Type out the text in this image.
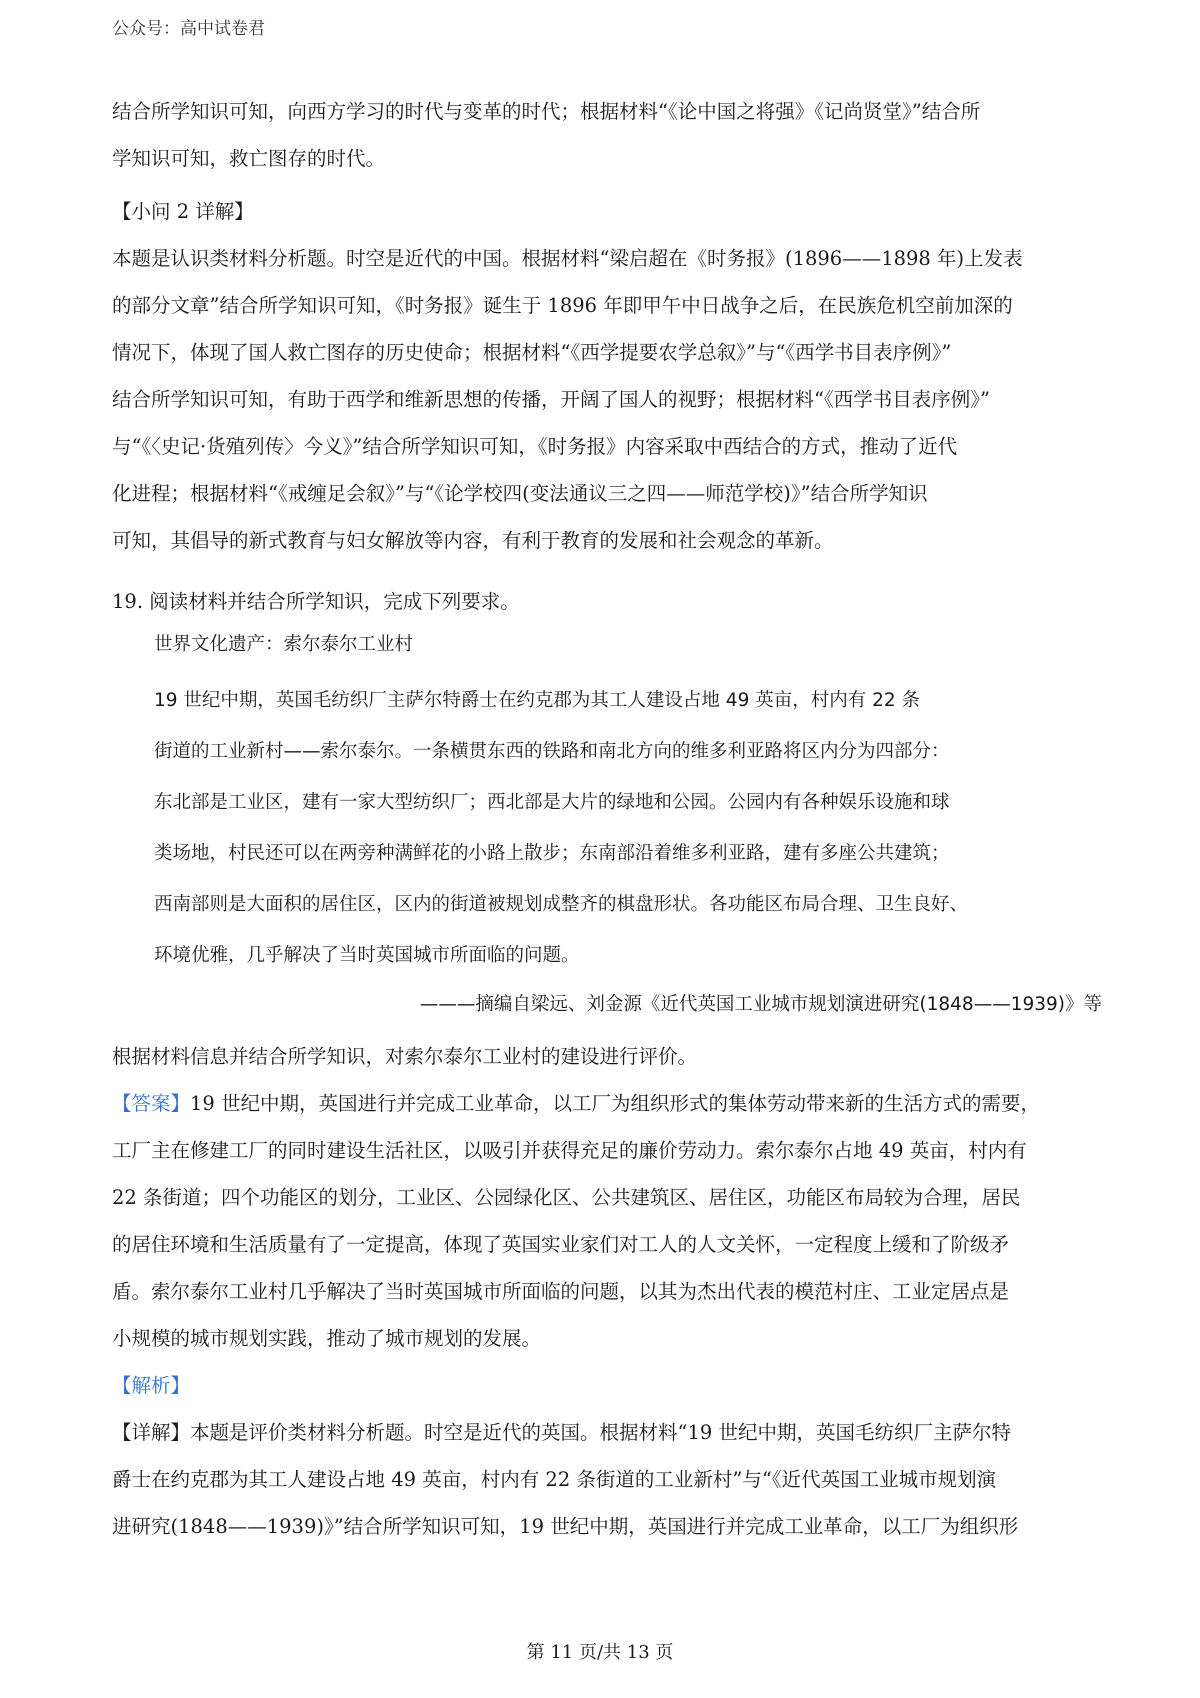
公众号：高中试卷君

结合所学知识可知，向西方学习的时代与变革的时代；根据材料“《论中国之将强》《记尚贤堂》”结合所

学知识可知，救亡图存的时代。

【小问 2 详解】

本题是认识类材料分析题。时空是近代的中国。根据材料“梁启超在《时务报》(1896——1898 年)上发表

的部分文章”结合所学知识可知，《时务报》诞生于 1896 年即甲午中日战争之后，在民族危机空前加深的

情况下，体现了国人救亡图存的历史使命；根据材料“《西学提要农学总叙》”与“《西学书目表序例》”

结合所学知识可知，有助于西学和维新思想的传播，开阔了国人的视野；根据材料“《西学书目表序例》”

与“《〈史记·货殖列传〉今义》”结合所学知识可知，《时务报》内容采取中西结合的方式，推动了近代

化进程；根据材料“《戒缠足会叙》”与“《论学校四(变法通议三之四——师范学校)》”结合所学知识

可知，其倡导的新式教育与妇女解放等内容，有利于教育的发展和社会观念的革新。

19. 阅读材料并结合所学知识，完成下列要求。

世界文化遗产：索尔泰尔工业村

19 世纪中期，英国毛纺织厂主萨尔特爵士在约克郡为其工人建设占地 49 英亩，村内有 22 条

街道的工业新村——索尔泰尔。一条横贯东西的铁路和南北方向的维多利亚路将区内分为四部分：

东北部是工业区，建有一家大型纺织厂；西北部是大片的绿地和公园。公园内有各种娱乐设施和球

类场地，村民还可以在两旁种满鲜花的小路上散步；东南部沿着维多利亚路，建有多座公共建筑；

西南部则是大面积的居住区，区内的街道被规划成整齐的棋盘形状。各功能区布局合理、卫生良好、

环境优雅，几乎解决了当时英国城市所面临的问题。

———摘编自梁远、刘金源《近代英国工业城市规划演进研究(1848——1939)》等

根据材料信息并结合所学知识，对索尔泰尔工业村的建设进行评价。

【答案】19 世纪中期，英国进行并完成工业革命，以工厂为组织形式的集体劳动带来新的生活方式的需要，

工厂主在修建工厂的同时建设生活社区，以吸引并获得充足的廉价劳动力。索尔泰尔占地 49 英亩，村内有

22 条街道；四个功能区的划分，工业区、公园绿化区、公共建筑区、居住区，功能区布局较为合理，居民

的居住环境和生活质量有了一定提高，体现了英国实业家们对工人的人文关怀，一定程度上缓和了阶级矛

盾。索尔泰尔工业村几乎解决了当时英国城市所面临的问题，以其为杰出代表的模范村庄、工业定居点是

小规模的城市规划实践，推动了城市规划的发展。

【解析】

【详解】本题是评价类材料分析题。时空是近代的英国。根据材料“19 世纪中期，英国毛纺织厂主萨尔特

爵士在约克郡为其工人建设占地 49 英亩，村内有 22 条街道的工业新村”与“《近代英国工业城市规划演

进研究(1848——1939)》”结合所学知识可知，19 世纪中期，英国进行并完成工业革命，以工厂为组织形

第 11 页/共 13 页
